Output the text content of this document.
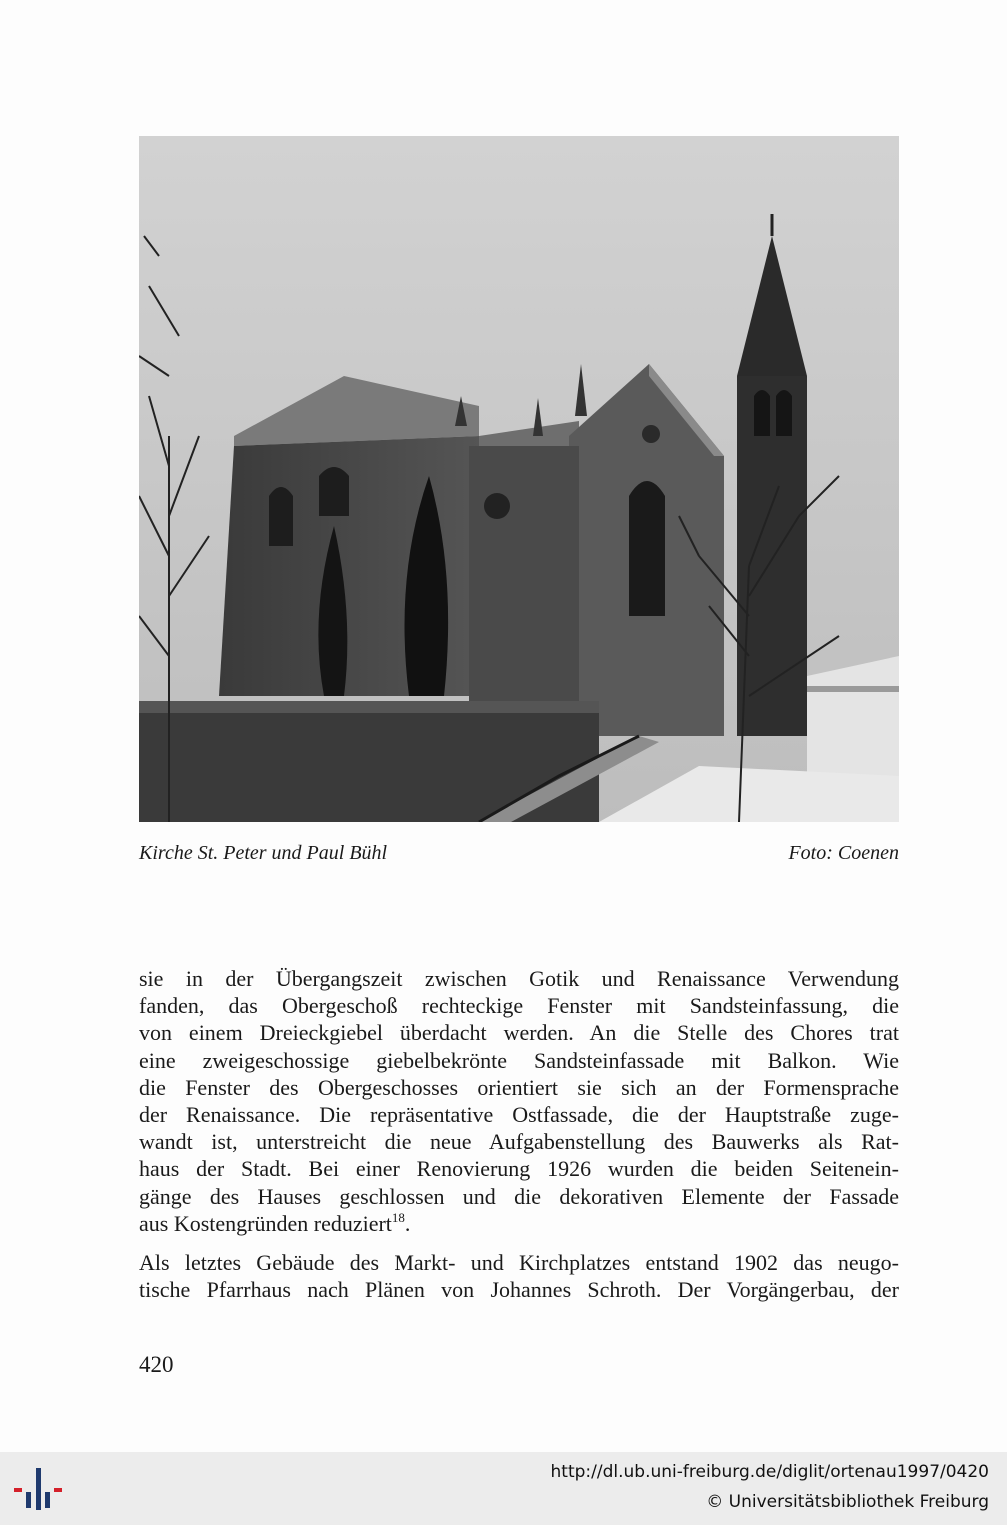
Kirche St. Peter und Paul Bühl	Foto: Coenen

sie in der Übergangszeit zwischen Gotik und Renaissance Verwendung

fanden, das Obergeschoß rechteckige Fenster mit Sandsteinfassung, die

von einem Dreieckgiebel überdacht werden. An die Stelle des Chores trat

eine zweigeschossige giebelbekrönte Sandsteinfassade mit Balkon. Wie

die Fenster des Obergeschosses orientiert sie sich an der Formensprache

der Renaissance. Die repräsentative Ostfassade, die der Hauptstraße zuge-

wandt ist, unterstreicht die neue Aufgabenstellung des Bauwerks als Rat-

haus der Stadt. Bei einer Renovierung 1926 wurden die beiden Seitenein-

gänge des Hauses geschlossen und die dekorativen Elemente der Fassade

aus Kostengründen reduziert$^{18}$.

Als letztes Gebäude des Markt- und Kirchplatzes entstand 1902 das neugo-

tische Pfarrhaus nach Plänen von Johannes Schroth. Der Vorgängerbau, der

420
http://dl.ub.uni-freiburg.de/diglit/ortenau1997/0420
© Universitätsbibliothek Freiburg
